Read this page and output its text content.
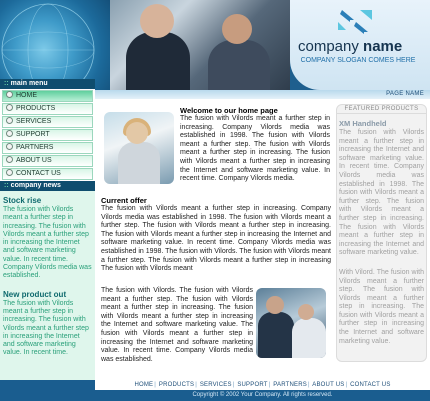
company name
COMPANY SLOGAN COMES HERE
PAGE NAME
:: main menu
HOME
PRODUCTS
SERVICES
SUPPORT
PARTNERS
ABOUT US
CONTACT US
:: company news
Stock rise

The fusion with Vilords meant a further step in increasing. The fusion with Vilords meant a further step in increasing the Internet and software marketing value. In recent time. Company Vilords media was established.

New product out

The fusion with Vilords meant a further step in increasing. The fusion with Vilords meant a further step in increasing the Internet and software marketing value. In recent time.

Welcome to our home page
The fusion with Vilords meant a further step in increasing. Company Vilords media was established in 1998. The fusion with Vilords meant a further step. The fusion with Vilords meant a further step in increasing. The fusion with Vilords meant a further step in increasing the Internet and software marketing value. In recent time. Company Vilords media.
Current offer
The fusion with Vilords meant a further step in increasing. Company Vilords media was established in 1998. The fusion with Vilords meant a further step. The fusion with Vilords meant a further step in increasing. The fusion with Vilords meant a further step in increasing the Internet and software marketing value. In recent time. Company Vilords media was established in 1998. The fusion with Vilords. The fusion with Vilords meant a further step. The fusion with Vilords meant a further step in increasing The fusion with Vilords meant
The fusion with Vilords. The fusion with Vilords meant a further step. The fusion with Vilords meant a further step in increasing. The fusion with Vilords meant a further step in increasing the Internet and software marketing value. The fusion with Vilords meant a further step in increasing the Internet and software marketing value. In recent time. Company Vilords media was established.
FEATURED PRODUCTS
XM Handheld

The fusion with Vilords meant a further step in increasing the Internet and software marketing value. In recent time. Company Vilords media was established in 1998. The fusion with Vilords meant a further step. The fusion with Vilords meant a further step in increasing. The fusion with Vilords meant a further step in increasing the Internet and software marketing value.

With Vilord. The fusion with Vilords meant a further step. The fusion with Vilords meant a further step in increasing. The fusion with Vilords meant a further step in increasing the Internet and software marketing value.

HOME| PRODUCTS| SERVICES| SUPPORT| PARTNERS| ABOUT US| CONTACT US
Copyright © 2002 Your Company. All rights reserved.
